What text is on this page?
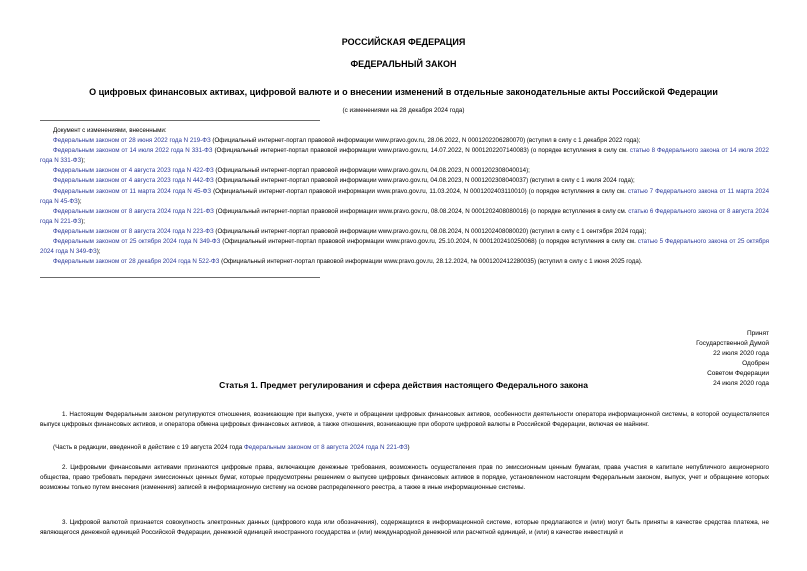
РОССИЙСКАЯ ФЕДЕРАЦИЯ
ФЕДЕРАЛЬНЫЙ ЗАКОН
О цифровых финансовых активах, цифровой валюте и о внесении изменений в отдельные законодательные акты Российской Федерации
(с изменениями на 28 декабря 2024 года)

Документ с изменениями, внесенными:

Федеральным законом от 28 июня 2022 года N 219-ФЗ (Официальный интернет-портал правовой информации www.pravo.gov.ru, 28.06.2022, N 0001202206280070) (вступил в силу с 1 декабря 2022 года);

Федеральным законом от 14 июля 2022 года N 331-ФЗ (Официальный интернет-портал правовой информации www.pravo.gov.ru, 14.07.2022, N 0001202207140083) (о порядке вступления в силу см. статью 8 Федерального закона от 14 июля 2022 года N 331-ФЗ);

Федеральным законом от 4 августа 2023 года N 422-ФЗ (Официальный интернет-портал правовой информации www.pravo.gov.ru, 04.08.2023, N 0001202308040014);

Федеральным законом от 4 августа 2023 года N 442-ФЗ (Официальный интернет-портал правовой информации www.pravo.gov.ru, 04.08.2023, N 0001202308040037) (вступил в силу с 1 июля 2024 года);

Федеральным законом от 11 марта 2024 года N 45-ФЗ (Официальный интернет-портал правовой информации www.pravo.gov.ru, 11.03.2024, N 0001202403110010) (о порядке вступления в силу см. статью 7 Федерального закона от 11 марта 2024 года N 45-ФЗ);

Федеральным законом от 8 августа 2024 года N 221-ФЗ (Официальный интернет-портал правовой информации www.pravo.gov.ru, 08.08.2024, N 0001202408080016) (о порядке вступления в силу см. статью 6 Федерального закона от 8 августа 2024 года N 221-ФЗ);

Федеральным законом от 8 августа 2024 года N 223-ФЗ (Официальный интернет-портал правовой информации www.pravo.gov.ru, 08.08.2024, N 0001202408080020) (вступил в силу с 1 сентября 2024 года);

Федеральным законом от 25 октября 2024 года N 349-ФЗ (Официальный интернет-портал правовой информации www.pravo.gov.ru, 25.10.2024, N 0001202410250068) (о порядке вступления в силу см. статью 5 Федерального закона от 25 октября 2024 года N 349-ФЗ);

Федеральным законом от 28 декабря 2024 года N 522-ФЗ (Официальный интернет-портал правовой информации www.pravo.gov.ru, 28.12.2024, № 0001202412280035) (вступил в силу с 1 июня 2025 года).

Принят
Государственной Думой
22 июля 2020 года
Одобрен
Советом Федерации
24 июля 2020 года
Статья 1. Предмет регулирования и сфера действия настоящего Федерального закона

1. Настоящим Федеральным законом регулируются отношения, возникающие при выпуске, учете и обращении цифровых финансовых активов, особенности деятельности оператора информационной системы, в которой осуществляется выпуск цифровых финансовых активов, и оператора обмена цифровых финансовых активов, а также отношения, возникающие при обороте цифровой валюты в Российской Федерации, включая ее майнинг.

(Часть в редакции, введенной в действие с 19 августа 2024 года Федеральным законом от 8 августа 2024 года N 221-ФЗ)

2. Цифровыми финансовыми активами признаются цифровые права, включающие денежные требования, возможность осуществления прав по эмиссионным ценным бумагам, права участия в капитале непубличного акционерного общества, право требовать передачи эмиссионных ценных бумаг, которые предусмотрены решением о выпуске цифровых финансовых активов в порядке, установленном настоящим Федеральным законом, выпуск, учет и обращение которых возможны только путем внесения (изменения) записей в информационную систему на основе распределенного реестра, а также в иные информационные системы.

3. Цифровой валютой признается совокупность электронных данных (цифрового кода или обозначения), содержащихся в информационной системе, которые предлагаются и (или) могут быть приняты в качестве средства платежа, не являющегося денежной единицей Российской Федерации, денежной единицей иностранного государства и (или) международной денежной или расчетной единицей, и (или) в качестве инвестиций и
